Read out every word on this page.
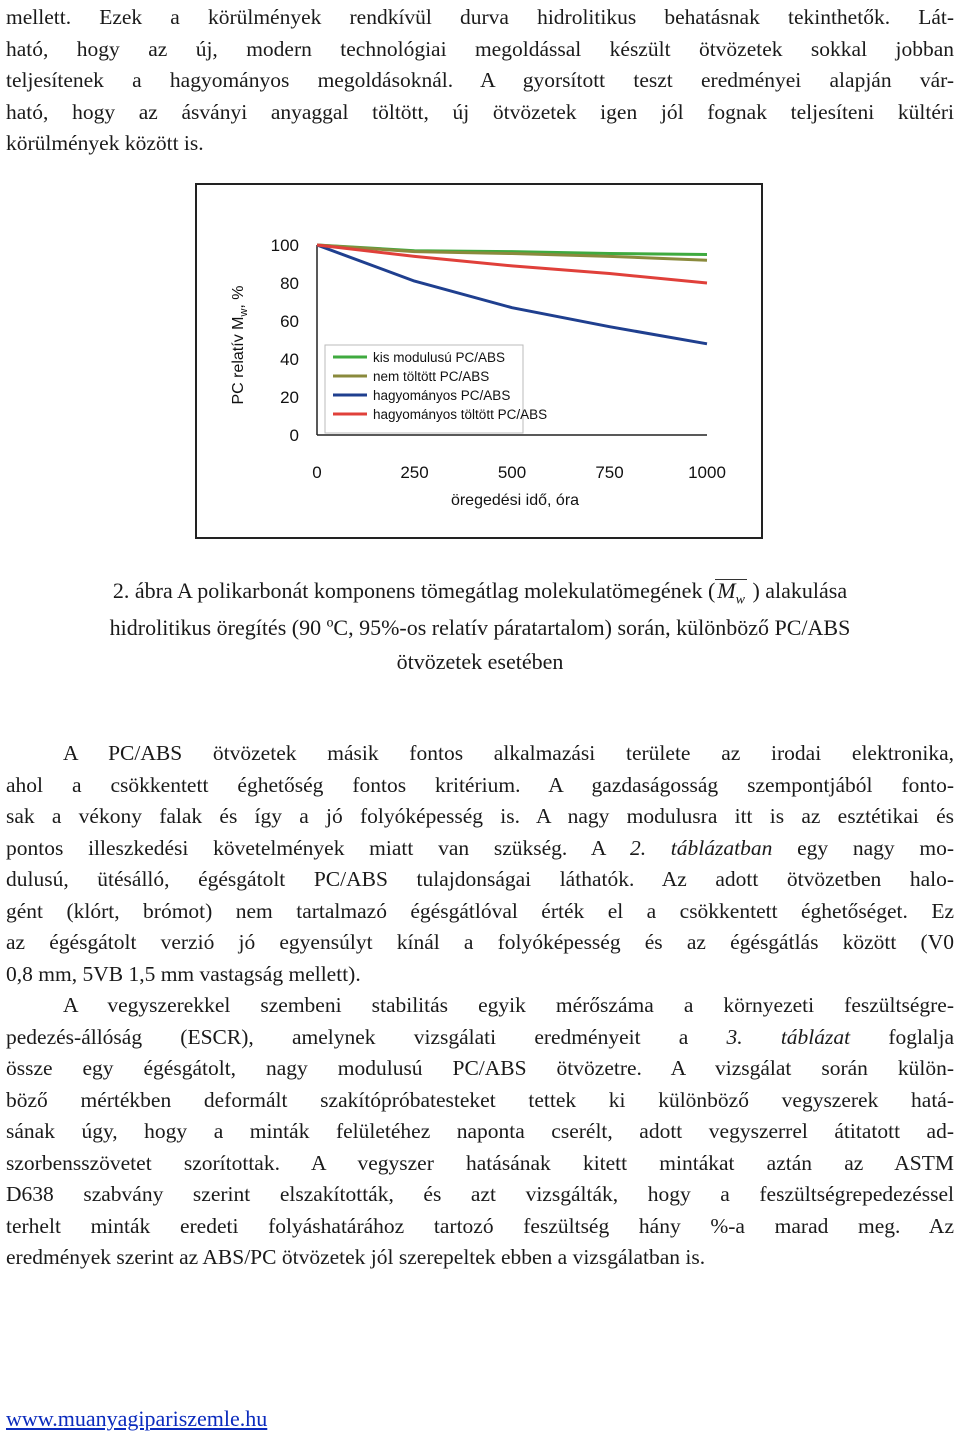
mellett. Ezek a körülmények rendkívül durva hidrolitikus behatásnak tekinthetők. Lát-
ható, hogy az új, modern technológiai megoldással készült ötvözetek sokkal jobban
teljesítenek a hagyományos megoldásoknál. A gyorsított teszt eredményei alapján vár-
ható, hogy az ásványi anyaggal töltött, új ötvözetek igen jól fognak teljesíteni kültéri
körülmények között is.
PC relatív $M_w$, %
0
20
40
60
80
100
0	250	500	750	1000
kis modulusú PC/ABS
nem töltött PC/ABS
hagyományos PC/ABS
hagyományos töltött PC/ABS
öregedési idő, óra
2. ábra A polikarbonát komponens tömegátlag molekulatömegének ($M_w$ ) alakulása
hidrolitikus öregítés (90 ºC, 95%-os relatív páratartalom) során, különböző PC/ABS
ötvözetek esetében
A PC/ABS ötvözetek másik fontos alkalmazási területe az irodai elektronika,
ahol a csökkentett éghetőség fontos kritérium. A gazdaságosság szempontjából fonto-
sak a vékony falak és így a jó folyóképesség is. A nagy modulusra itt is az esztétikai és
pontos illeszkedési követelmények miatt van szükség. A 2. táblázatban egy nagy mo-
dulusú, ütésálló, égésgátolt PC/ABS tulajdonságai láthatók. Az adott ötvözetben halo-
gént (klórt, brómot) nem tartalmazó égésgátlóval érték el a csökkentett éghetőséget. Ez
az égésgátolt verzió jó egyensúlyt kínál a folyóképesség és az égésgátlás között (V0
0,8 mm, 5VB 1,5 mm vastagság mellett).
A vegyszerekkel szembeni stabilitás egyik mérőszáma a környezeti feszültségre-
pedezés-állóság (ESCR), amelynek vizsgálati eredményeit a 3. táblázat foglalja
össze egy égésgátolt, nagy modulusú PC/ABS ötvözetre. A vizsgálat során külön-
böző mértékben deformált szakítópróbatesteket tettek ki különböző vegyszerek hatá-
sának úgy, hogy a minták felületéhez naponta cserélt, adott vegyszerrel átitatott ad-
szorbensszövetet szorítottak. A vegyszer hatásának kitett mintákat aztán az ASTM
D638 szabvány szerint elszakították, és azt vizsgálták, hogy a feszültségrepedezéssel
terhelt minták eredeti folyáshatárához tartozó feszültség hány %-a marad meg. Az
eredmények szerint az ABS/PC ötvözetek jól szerepeltek ebben a vizsgálatban is.
www.muanyagipariszemle.hu
